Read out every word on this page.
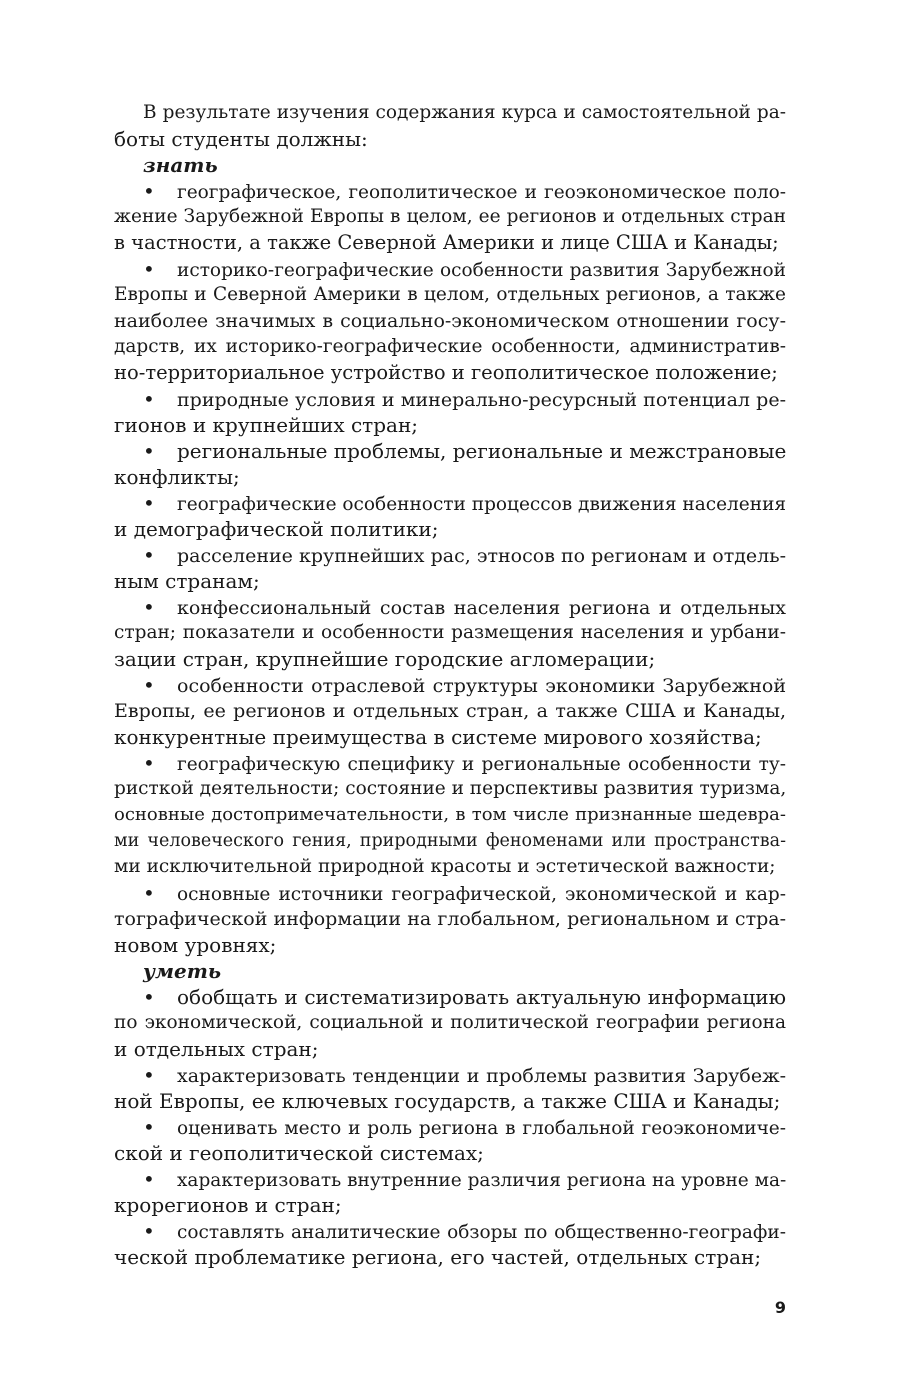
В результате изучения содержания курса и самостоятельной ра-
боты студенты должны:
знать
• географическое, геополитическое и геоэкономическое поло-
жение Зарубежной Европы в целом, ее регионов и отдельных стран
в частности, а также Северной Америки и лице США и Канады;
• историко-географические особенности развития Зарубежной
Европы и Северной Америки в целом, отдельных регионов, а также
наиболее значимых в социально-экономическом отношении госу-
дарств, их историко-географические особенности, административ-
но-территориальное устройство и геополитическое положение;
• природные условия и минерально-ресурсный потенциал ре-
гионов и крупнейших стран;
• региональные проблемы, региональные и межстрановые
конфликты;
• географические особенности процессов движения населения
и демографической политики;
• расселение крупнейших рас, этносов по регионам и отдель-
ным странам;
• конфессиональный состав населения региона и отдельных
стран; показатели и особенности размещения населения и урбани-
зации стран, крупнейшие городские агломерации;
• особенности отраслевой структуры экономики Зарубежной
Европы, ее регионов и отдельных стран, а также США и Канады,
конкурентные преимущества в системе мирового хозяйства;
• географическую специфику и региональные особенности ту-
ристкой деятельности; состояние и перспективы развития туризма,
основные достопримечательности, в том числе признанные шедевра-
ми человеческого гения, природными феноменами или пространства-
ми исключительной природной красоты и эстетической важности;
• основные источники географической, экономической и кар-
тографической информации на глобальном, региональном и стра-
новом уровнях;
уметь
• обобщать и систематизировать актуальную информацию
по экономической, социальной и политической географии региона
и отдельных стран;
• характеризовать тенденции и проблемы развития Зарубеж-
ной Европы, ее ключевых государств, а также США и Канады;
• оценивать место и роль региона в глобальной геоэкономиче-
ской и геополитической системах;
• характеризовать внутренние различия региона на уровне ма-
крорегионов и стран;
• составлять аналитические обзоры по общественно-географи-
ческой проблематике региона, его частей, отдельных стран;
9
